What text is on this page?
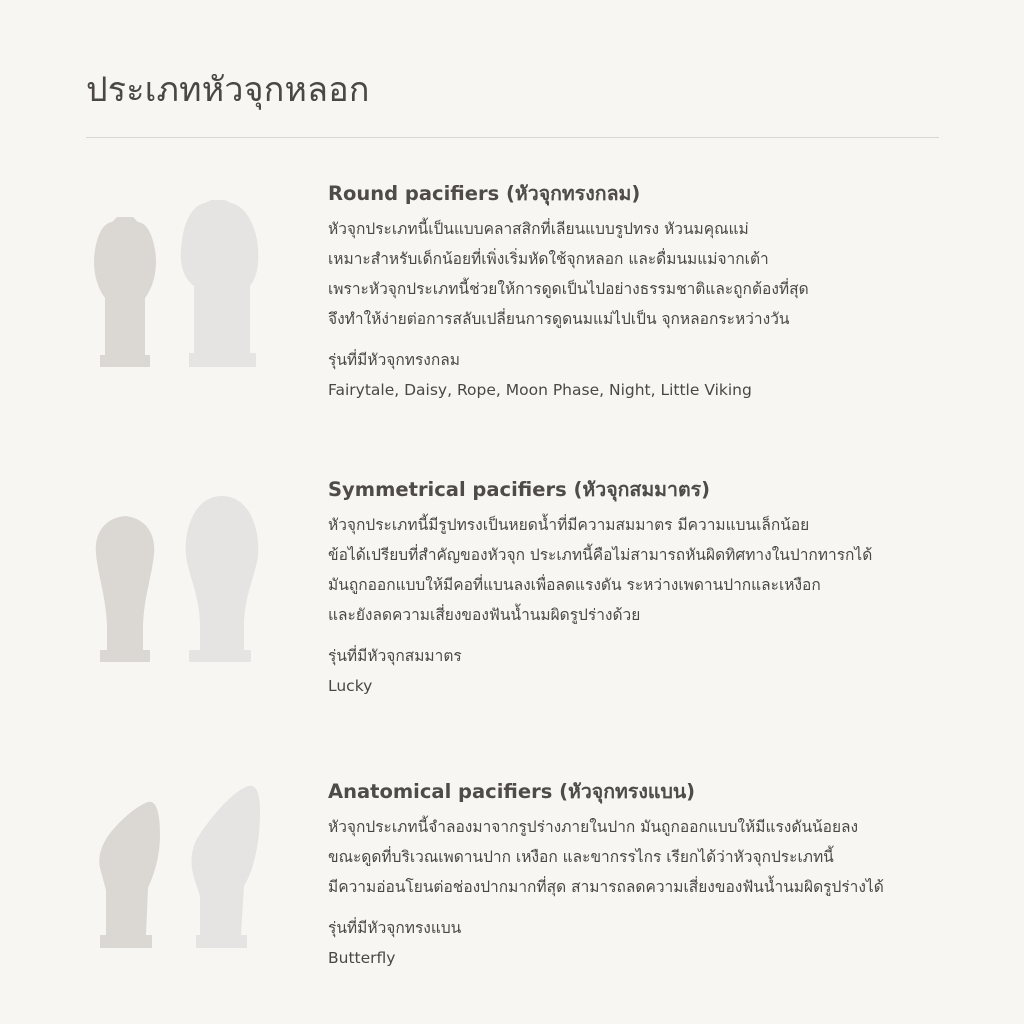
ประเภทหัวจุกหลอก
Round pacifiers (หัวจุกทรงกลม)
หัวจุกประเภทนี้เป็นแบบคลาสสิกที่เลียนแบบรูปทรง หัวนมคุณแม่
เหมาะสำหรับเด็กน้อยที่เพิ่งเริ่มหัดใช้จุกหลอก และดื่มนมแม่จากเต้า
เพราะหัวจุกประเภทนี้ช่วยให้การดูดเป็นไปอย่างธรรมชาติและถูกต้องที่สุด
จึงทำให้ง่ายต่อการสลับเปลี่ยนการดูดนมแม่ไปเป็น จุกหลอกระหว่างวัน
รุ่นที่มีหัวจุกทรงกลม
Fairytale, Daisy, Rope, Moon Phase, Night, Little Viking
Symmetrical pacifiers (หัวจุกสมมาตร)
หัวจุกประเภทนี้มีรูปทรงเป็นหยดน้ำที่มีความสมมาตร มีความแบนเล็กน้อย
ข้อได้เปรียบที่สำคัญของหัวจุก ประเภทนี้คือไม่สามารถหันผิดทิศทางในปากทารกได้
มันถูกออกแบบให้มีคอที่แบนลงเพื่อลดแรงดัน ระหว่างเพดานปากและเหงือก
และยังลดความเสี่ยงของฟันน้ำนมผิดรูปร่างด้วย
รุ่นที่มีหัวจุกสมมาตร
Lucky
Anatomical pacifiers (หัวจุกทรงแบน)
หัวจุกประเภทนี้จำลองมาจากรูปร่างภายในปาก มันถูกออกแบบให้มีแรงดันน้อยลง
ขณะดูดที่บริเวณเพดานปาก เหงือก และขากรรไกร เรียกได้ว่าหัวจุกประเภทนี้
มีความอ่อนโยนต่อช่องปากมากที่สุด สามารถลดความเสี่ยงของฟันน้ำนมผิดรูปร่างได้
รุ่นที่มีหัวจุกทรงแบน
Butterfly
